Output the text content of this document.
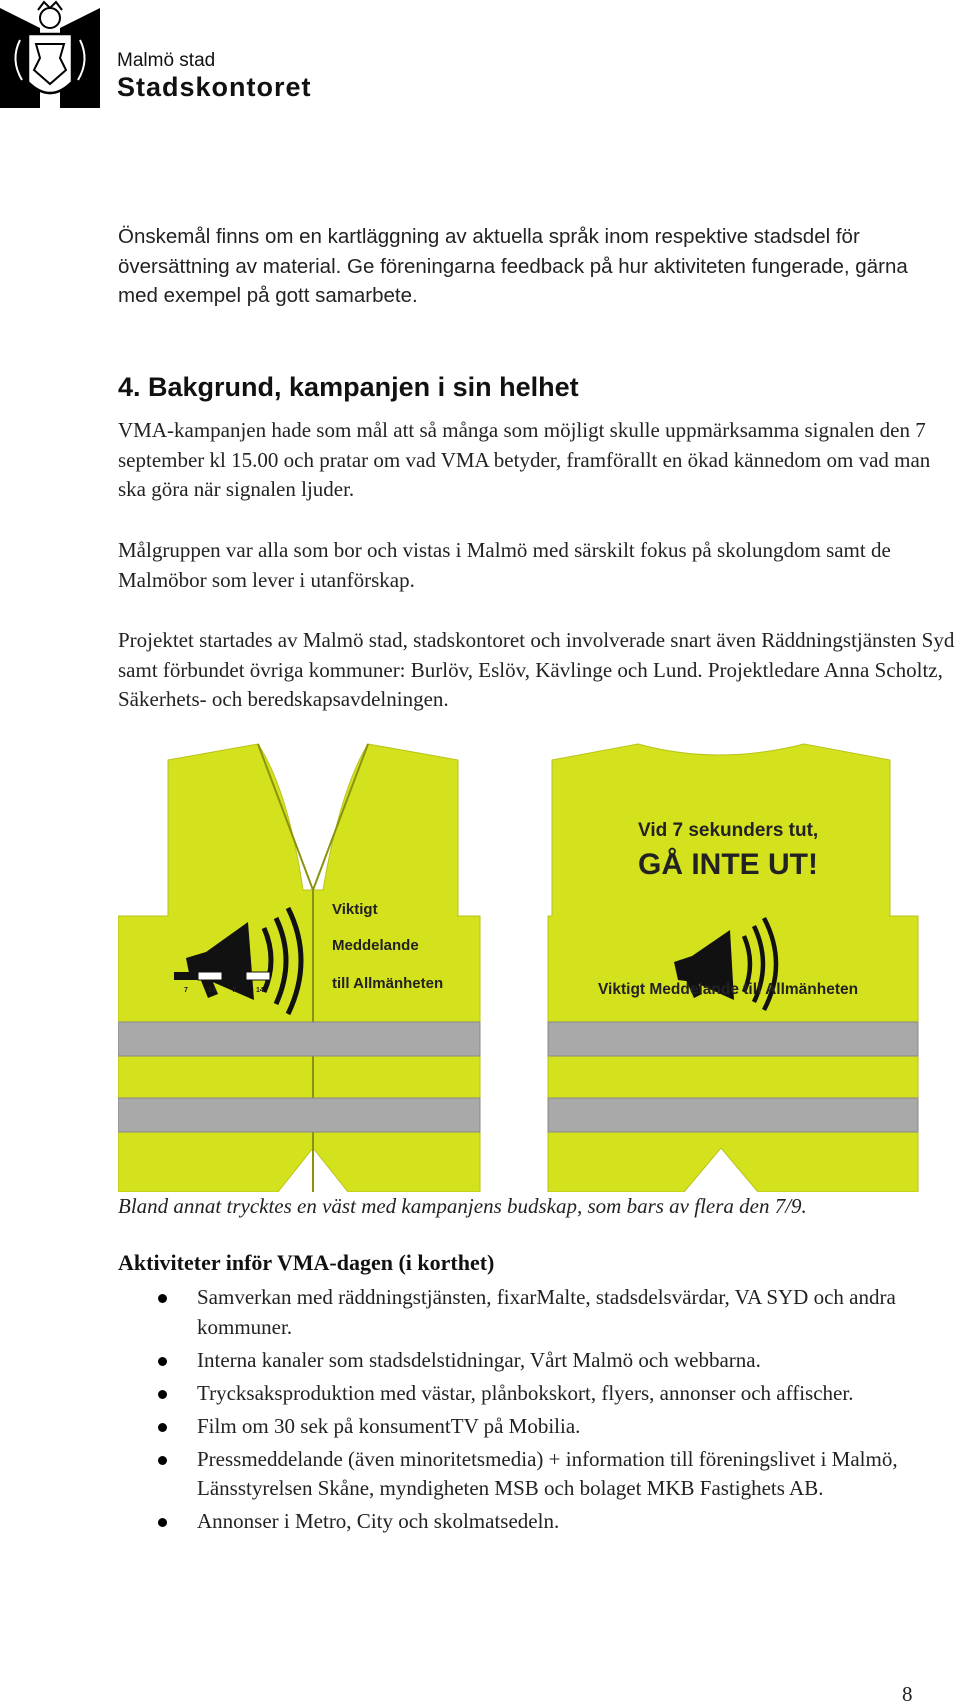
Malmö stad
Stadskontoret

Önskemål finns om en kartläggning av aktuella språk inom respektive stadsdel för översättning av material. Ge föreningarna feedback på hur aktiviteten fungerade, gärna med exempel på gott samarbete.

4. Bakgrund, kampanjen i sin helhet

VMA-kampanjen hade som mål att så många som möjligt skulle uppmärksamma signalen den 7 september kl 15.00 och pratar om vad VMA betyder, framförallt en ökad kännedom om vad man ska göra när signalen ljuder.

Målgruppen var alla som bor och vistas i Malmö med särskilt fokus på skolungdom samt de Malmöbor som lever i utanförskap.

Projektet startades av Malmö stad, stadskontoret och involverade snart även Räddningstjänsten Syd samt förbundet övriga kommuner: Burlöv, Eslöv, Kävlinge och Lund. Projektledare Anna Scholtz, Säkerhets- och beredskapsavdelningen.

7	14 7	14
Viktigt
Meddelande
till Allmänheten
Vid 7 sekunders tut,
GÅ INTE UT!
Viktigt Meddelande till Allmänheten

Bland annat trycktes en väst med kampanjens budskap, som bars av flera den 7/9.

Aktiviteter inför VMA-dagen (i korthet)
Samverkan med räddningstjänsten, fixarMalte, stadsdelsvärdar, VA SYD och andra kommuner.
Interna kanaler som stadsdelstidningar, Vårt Malmö och webbarna.
Trycksaksproduktion med västar, plånbokskort, flyers, annonser och affischer.
Film om 30 sek på konsumentTV på Mobilia.
Pressmeddelande (även minoritetsmedia) + information till föreningslivet i Malmö, Länsstyrelsen Skåne, myndigheten MSB och bolaget MKB Fastighets AB.
Annonser i Metro, City och skolmatsedeln.
8
